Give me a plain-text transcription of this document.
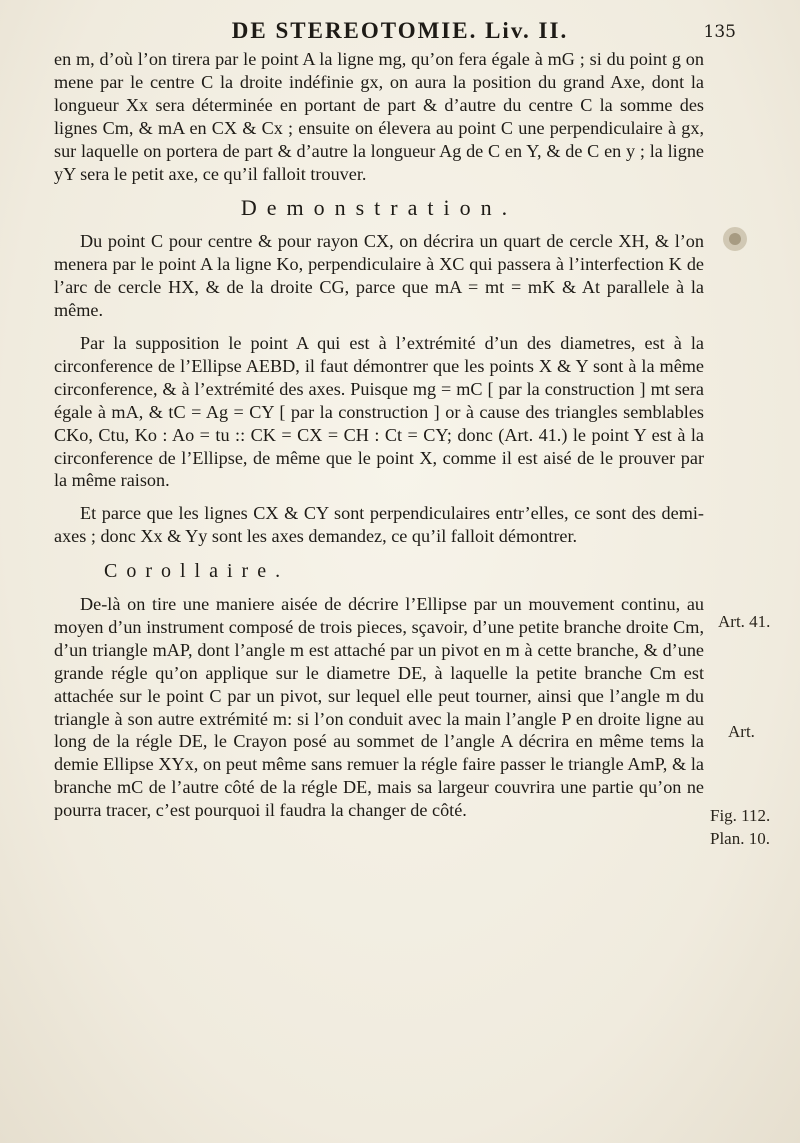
DE STEREOTOMIE. Liv. II.	135

en m, d’où l’on tirera par le point A la ligne mg, qu’on fera égale à mG ; si du point g on mene par le centre C la droite indéfinie gx, on aura la position du grand Axe, dont la longueur Xx sera déterminée en portant de part & d’autre du centre C la somme des lignes Cm, & mA en CX & Cx ; ensuite on élevera au point C une perpendiculaire à gx, sur laquelle on portera de part & d’autre la longueur Ag de C en Y, & de C en y ; la ligne yY sera le petit axe, ce qu’il falloit trouver.

Demonstration.

Du point C pour centre & pour rayon CX, on décrira un quart de cercle XH, & l’on menera par le point A la ligne Ko, perpendiculaire à XC qui passera à l’interfection K de l’arc de cercle HX, & de la droite CG, parce que mA = mt = mK & At parallele à la même.

Par la supposition le point A qui est à l’extrémité d’un des diametres, est à la circonference de l’Ellipse AEBD, il faut démontrer que les points X & Y sont à la même circonference, & à l’extrémité des axes. Puisque mg = mC [ par la construction ] mt sera égale à mA, & tC = Ag = CY [ par la construction ] or à cause des triangles semblables CKo, Ctu, Ko : Ao = tu :: CK = CX = CH : Ct = CY; donc (Art. 41.) le point Y est à la circonference de l’Ellipse, de même que le point X, comme il est aisé de le prouver par la même raison.

Et parce que les lignes CX & CY sont perpendiculaires entr’elles, ce sont des demi-axes ; donc Xx & Yy sont les axes demandez, ce qu’il falloit démontrer.

Corollaire.

De-là on tire une maniere aisée de décrire l’Ellipse par un mouvement continu, au moyen d’un instrument composé de trois pieces, sçavoir, d’une petite branche droite Cm, d’un triangle mAP, dont l’angle m est attaché par un pivot en m à cette branche, & d’une grande régle qu’on applique sur le diametre DE, à laquelle la petite branche Cm est attachée sur le point C par un pivot, sur lequel elle peut tourner, ainsi que l’angle m du triangle à son autre extrémité m: si l’on conduit avec la main l’angle P en droite ligne au long de la régle DE, le Crayon posé au sommet de l’angle A décrira en même tems la demie Ellipse XYx, on peut même sans remuer la régle faire passer le triangle AmP, & la branche mC de l’autre côté de la régle DE, mais sa largeur couvrira une partie qu’on ne pourra tracer, c’est pourquoi il faudra la changer de côté.

Art. 41.
Art.
Fig. 112.
Plan. 10.
